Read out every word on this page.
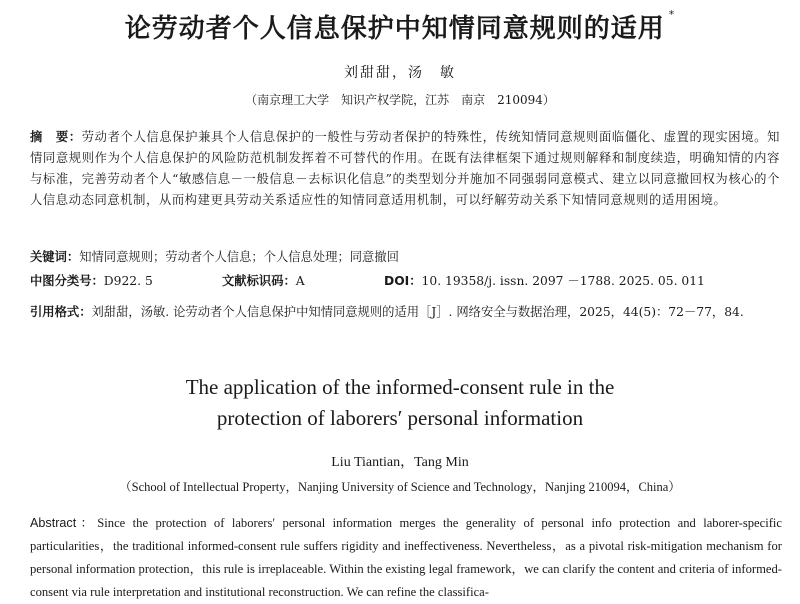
论劳动者个人信息保护中知情同意规则的适用 *
刘甜甜，汤　敏
（南京理工大学　知识产权学院，江苏　南京　210094）
摘　要：劳动者个人信息保护兼具个人信息保护的一般性与劳动者保护的特殊性，传统知情同意规则面临僵化、虚置的现实困境。知情同意规则作为个人信息保护的风险防范机制发挥着不可替代的作用。在既有法律框架下通过规则解释和制度续造，明确知情的内容与标准，完善劳动者个人“敏感信息－一般信息－去标识化信息”的类型划分并施加不同强弱同意模式、建立以同意撤回权为核心的个人信息动态同意机制，从而构建更具劳动关系适应性的知情同意适用机制，可以纾解劳动关系下知情同意规则的适用困境。
关键词：知情同意规则；劳动者个人信息；个人信息处理；同意撤回
中图分类号：D922. 5	文献标识码：A	DOI：10. 19358/j. issn. 2097 －1788. 2025. 05. 011
引用格式：刘甜甜，汤敏. 论劳动者个人信息保护中知情同意规则的适用［J］. 网络安全与数据治理，2025，44(5)：72－77，84.
The application of the informed-consent rule in the
protection of laborers′ personal information
Liu Tiantian，Tang Min
（School of Intellectual Property，Nanjing University of Science and Technology，Nanjing 210094，China）
Abstract：Since the protection of laborers′ personal information merges the generality of personal info protection and laborer-specific particularities，the traditional informed-consent rule suffers rigidity and ineffectiveness. Nevertheless，as a pivotal risk-mitigation mechanism for personal information protection，this rule is irreplaceable. Within the existing legal framework，we can clarify the content and criteria of informed-consent via rule interpretation and institutional reconstruction. We can refine the classifica-
